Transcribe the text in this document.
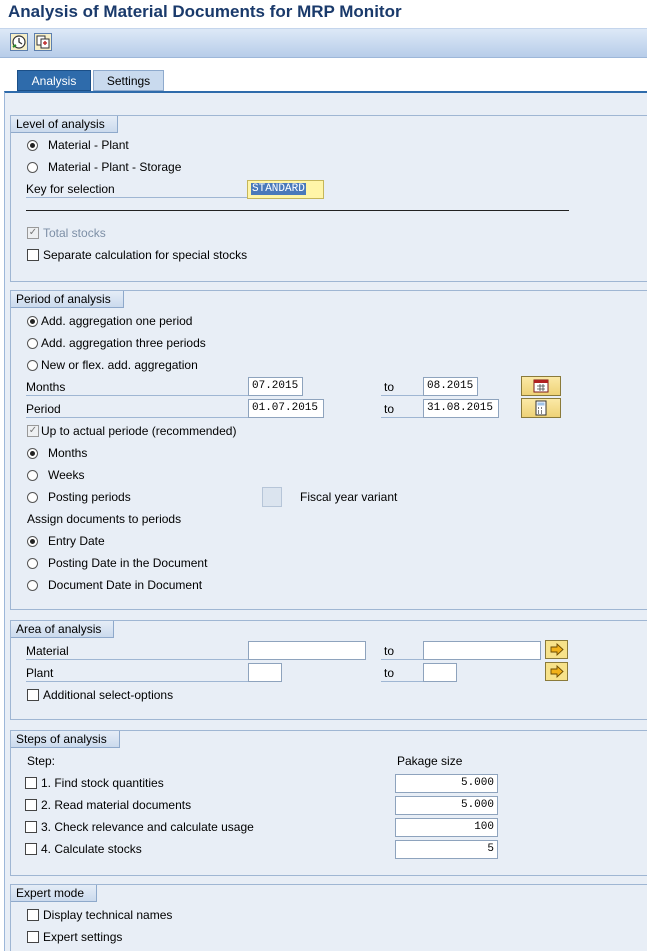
Analysis of Material Documents for MRP Monitor
Analysis	Settings
Level of analysis
Material - Plant
Material - Plant - Storage
Key for selection	STANDARD
✓ Total stocks
Separate calculation for special stocks
Period of analysis
Add. aggregation one period
Add. aggregation three periods
New or flex. add. aggregation
Months	07.2015	to	08.2015
Period	01.07.2015	to	31.08.2015
✓ Up to actual periode (recommended)
Months
Weeks
Posting periods	Fiscal year variant
Assign documents to periods
Entry Date
Posting Date in the Document
Document Date in Document
Area of analysis
Material	to
Plant	to
Additional select-options
Steps of analysis
Step:	Pakage size
1. Find stock quantities	5.000
2. Read material documents	5.000
3. Check relevance and calculate usage	100
4. Calculate stocks	5
Expert mode
Display technical names
Expert settings
